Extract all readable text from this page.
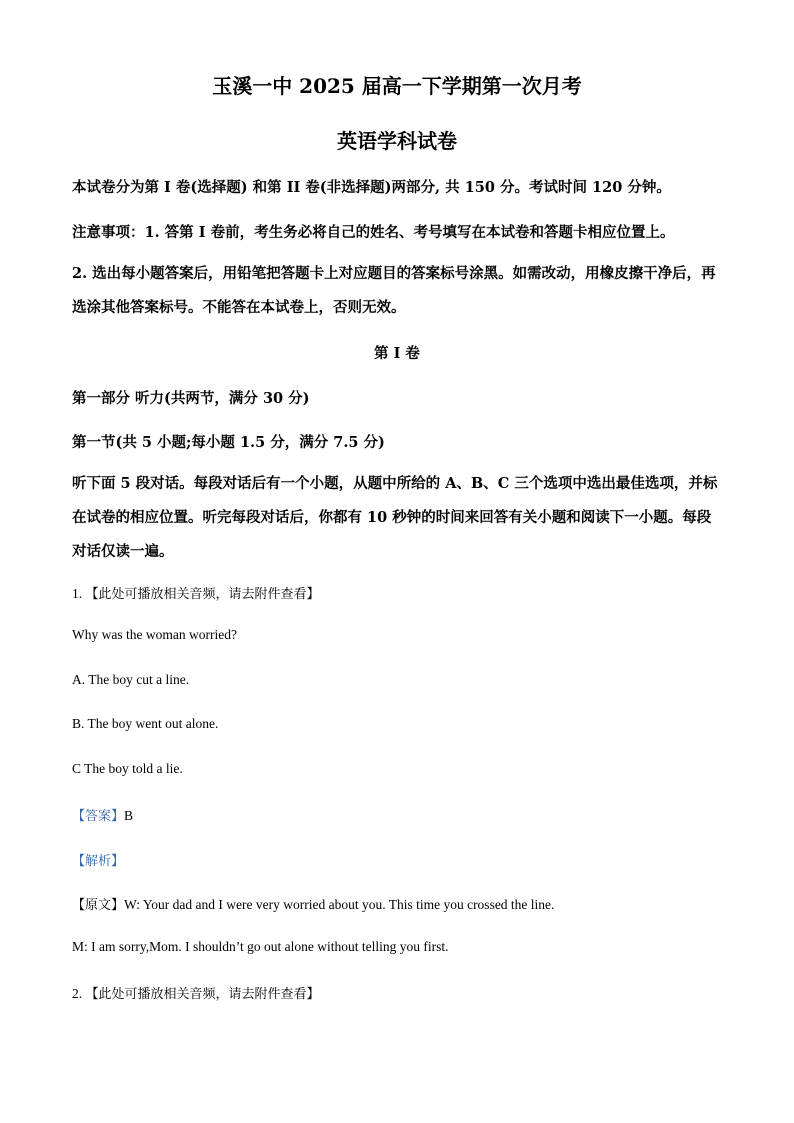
玉溪一中 2025 届高一下学期第一次月考
英语学科试卷

本试卷分为第 I 卷(选择题) 和第 II 卷(非选择题)两部分, 共 150 分。考试时间 120 分钟。

注意事项：1. 答第 I 卷前，考生务必将自己的姓名、考号填写在本试卷和答题卡相应位置上。

2. 选出每小题答案后，用铅笔把答题卡上对应题目的答案标号涂黑。如需改动，用橡皮擦干净后，再选涂其他答案标号。不能答在本试卷上，否则无效。

第 I 卷

第一部分 听力(共两节，满分 30 分)

第一节(共 5 小题;每小题 1.5 分，满分 7.5 分)

听下面 5 段对话。每段对话后有一个小题，从题中所给的 A、B、C 三个选项中选出最佳选项，并标在试卷的相应位置。听完每段对话后，你都有 10 秒钟的时间来回答有关小题和阅读下一小题。每段对话仅读一遍。

1. 【此处可播放相关音频，请去附件查看】

Why was the woman worried?

A. The boy cut a line.

B. The boy went out alone.

C The boy told a lie.

【答案】B

【解析】

【原文】W: Your dad and I were very worried about you. This time you crossed the line.

M: I am sorry,Mom. I shouldn’t go out alone without telling you first.

2. 【此处可播放相关音频，请去附件查看】
